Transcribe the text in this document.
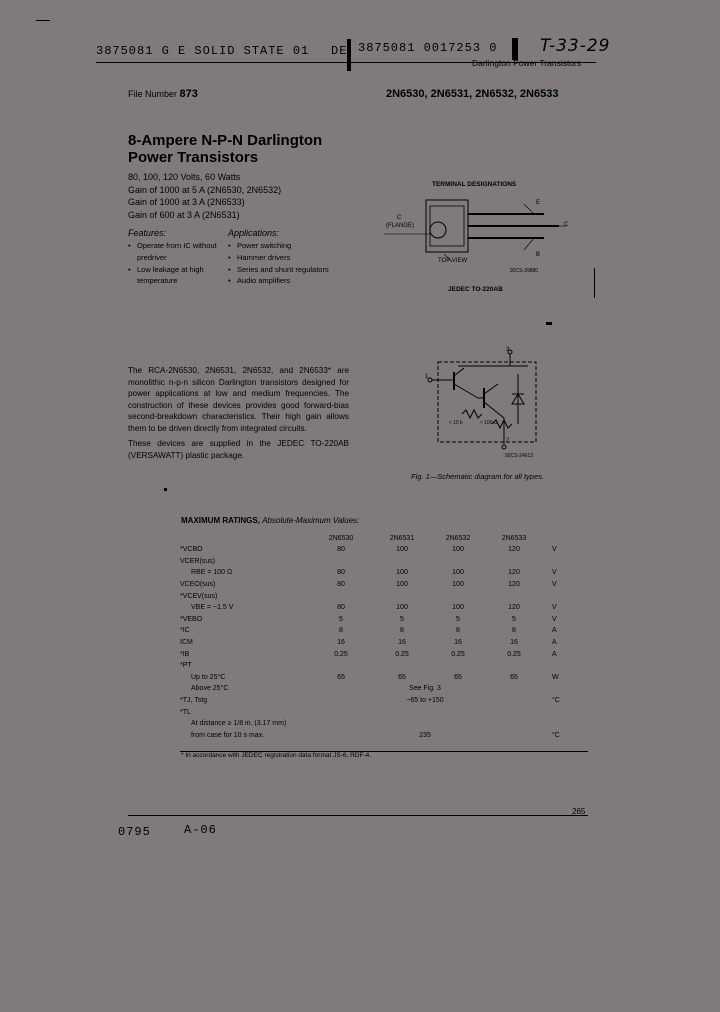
3875081 G E SOLID STATE 01 DE 3875081 0017253 0	T-33-29
Darlington Power Transistors
File Number 873	2N6530, 2N6531, 2N6532, 2N6533
8-Ampere N-P-N Darlington
Power Transistors
80, 100, 120 Volts, 60 Watts
Gain of 1000 at 5 A (2N6530, 2N6532)
Gain of 1000 at 3 A (2N6533)
Gain of 600 at 3 A (2N6531)
Features:
• Operate from IC without predriver
• Low leakage at high temperature
Applications:
• Power switching
• Hammer drivers
• Series and shunt regulators
• Audio amplifiers
TERMINAL DESIGNATIONS
C
(FLANGE)
E
C
B
TOP VIEW
92CS-39880
JEDEC TO-220AB
The RCA-2N6530, 2N6531, 2N6532, and 2N6533* are monolithic n-p-n silicon Darlington transistors designed for power applications at low and medium frequencies. The construction of these devices provides good forward-bias second-breakdown characteristics. Their high gain allows them to be driven directly from integrated circuits.
These devices are supplied in the JEDEC TO-220AB (VERSAWATT) plastic package.
3
1
2
≈ 10 k	≈ 100 Ω
92CS-24613
Fig. 1—Schematic diagram for all types.
MAXIMUM RATINGS, Absolute-Maximum Values:
	2N6530	2N6531	2N6532	2N6533	
*VCBO	80	100	100	120	V
VCER(sus)					
RBE = 100 Ω	80	100	100	120	V
VCEO(sus)	80	100	100	120	V
*VCEV(sus)					
VBE = −1.5 V	80	100	100	120	V
*VEBO	5	5	5	5	V
*IC	8	8	8	8	A
ICM	16	16	16	16	A
*IB	0.25	0.25	0.25	0.25	A
*PT					
Up to 25°C	65	65	65	65	W
Above 25°C	See Fig. 3				
*TJ, Tstg	−65 to +150				°C
*TL					
At distance ≥ 1/8 in. (3.17 mm)					
from case for 10 s max.	235				°C
* In accordance with JEDEC registration data format JS-6, RDF-4.
265
0795	A-06
